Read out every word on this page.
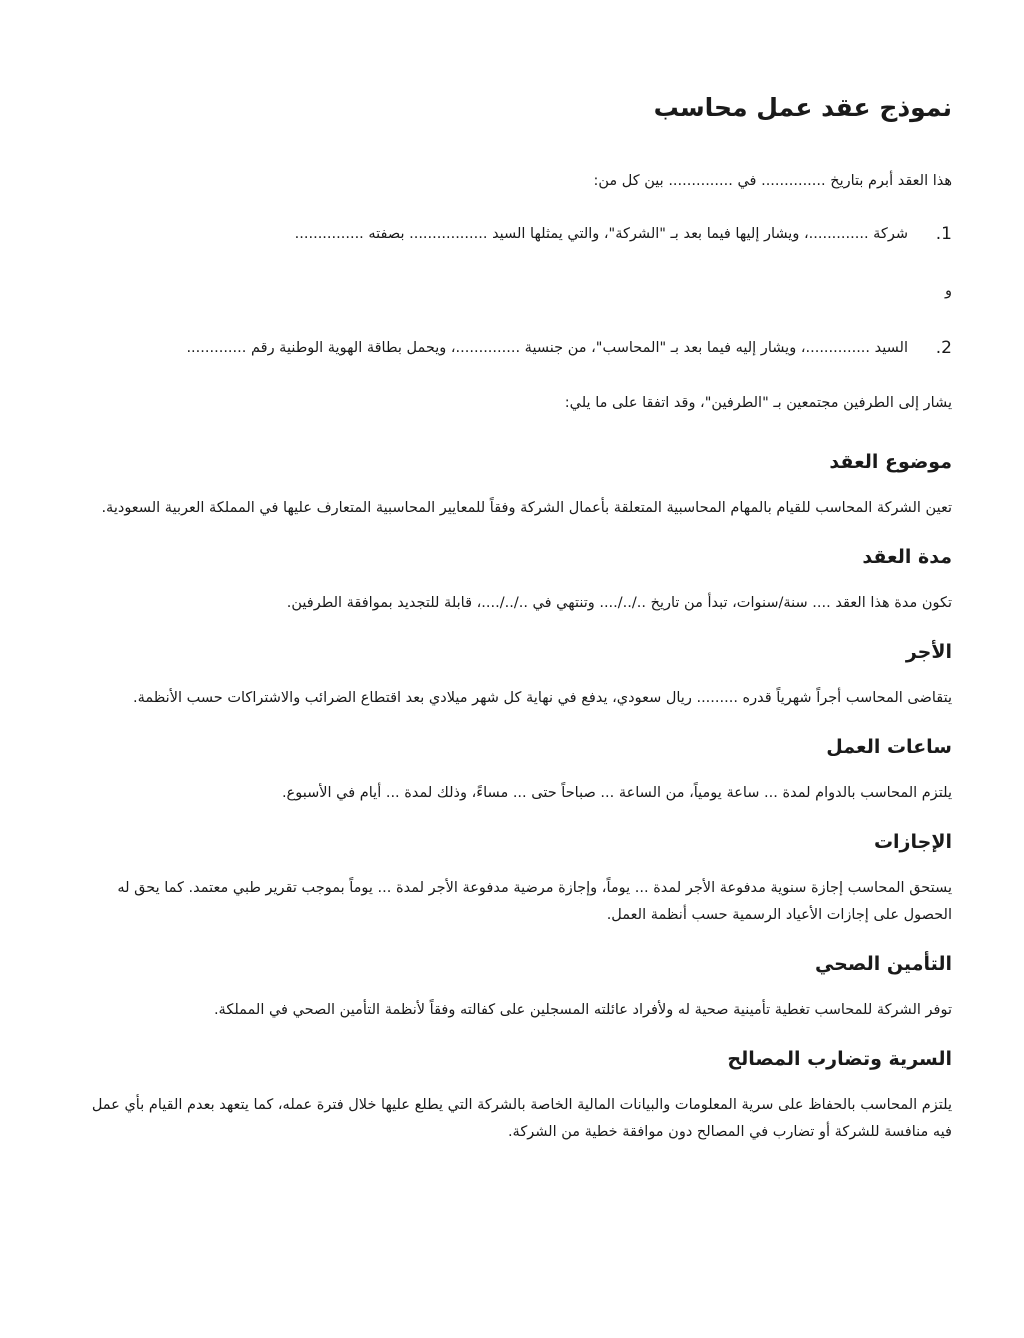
نموذج عقد عمل محاسب

هذا العقد أبرم بتاريخ .............. في .............. بين كل من:

1.
شركة .............، ويشار إليها فيما بعد بـ "الشركة"، والتي يمثلها السيد ................. بصفته ...............

و

2.
السيد ..............، ويشار إليه فيما بعد بـ "المحاسب"، من جنسية ..............، ويحمل بطاقة الهوية الوطنية رقم .............

يشار إلى الطرفين مجتمعين بـ "الطرفين"، وقد اتفقا على ما يلي:

موضوع العقد

تعين الشركة المحاسب للقيام بالمهام المحاسبية المتعلقة بأعمال الشركة وفقاً للمعايير المحاسبية المتعارف عليها في المملكة العربية السعودية.

مدة العقد

تكون مدة هذا العقد .... سنة/سنوات، تبدأ من تاريخ ../../.... وتنتهي في ../../....، قابلة للتجديد بموافقة الطرفين.

الأجر

يتقاضى المحاسب أجراً شهرياً قدره ......... ريال سعودي، يدفع في نهاية كل شهر ميلادي بعد اقتطاع الضرائب والاشتراكات حسب الأنظمة.

ساعات العمل

يلتزم المحاسب بالدوام لمدة ... ساعة يومياً، من الساعة ... صباحاً حتى ... مساءً، وذلك لمدة ... أيام في الأسبوع.

الإجازات

يستحق المحاسب إجازة سنوية مدفوعة الأجر لمدة ... يوماً، وإجازة مرضية مدفوعة الأجر لمدة ... يوماً بموجب تقرير طبي معتمد. كما يحق له الحصول على إجازات الأعياد الرسمية حسب أنظمة العمل.

التأمين الصحي

توفر الشركة للمحاسب تغطية تأمينية صحية له ولأفراد عائلته المسجلين على كفالته وفقاً لأنظمة التأمين الصحي في المملكة.

السرية وتضارب المصالح

يلتزم المحاسب بالحفاظ على سرية المعلومات والبيانات المالية الخاصة بالشركة التي يطلع عليها خلال فترة عمله، كما يتعهد بعدم القيام بأي عمل فيه منافسة للشركة أو تضارب في المصالح دون موافقة خطية من الشركة.
